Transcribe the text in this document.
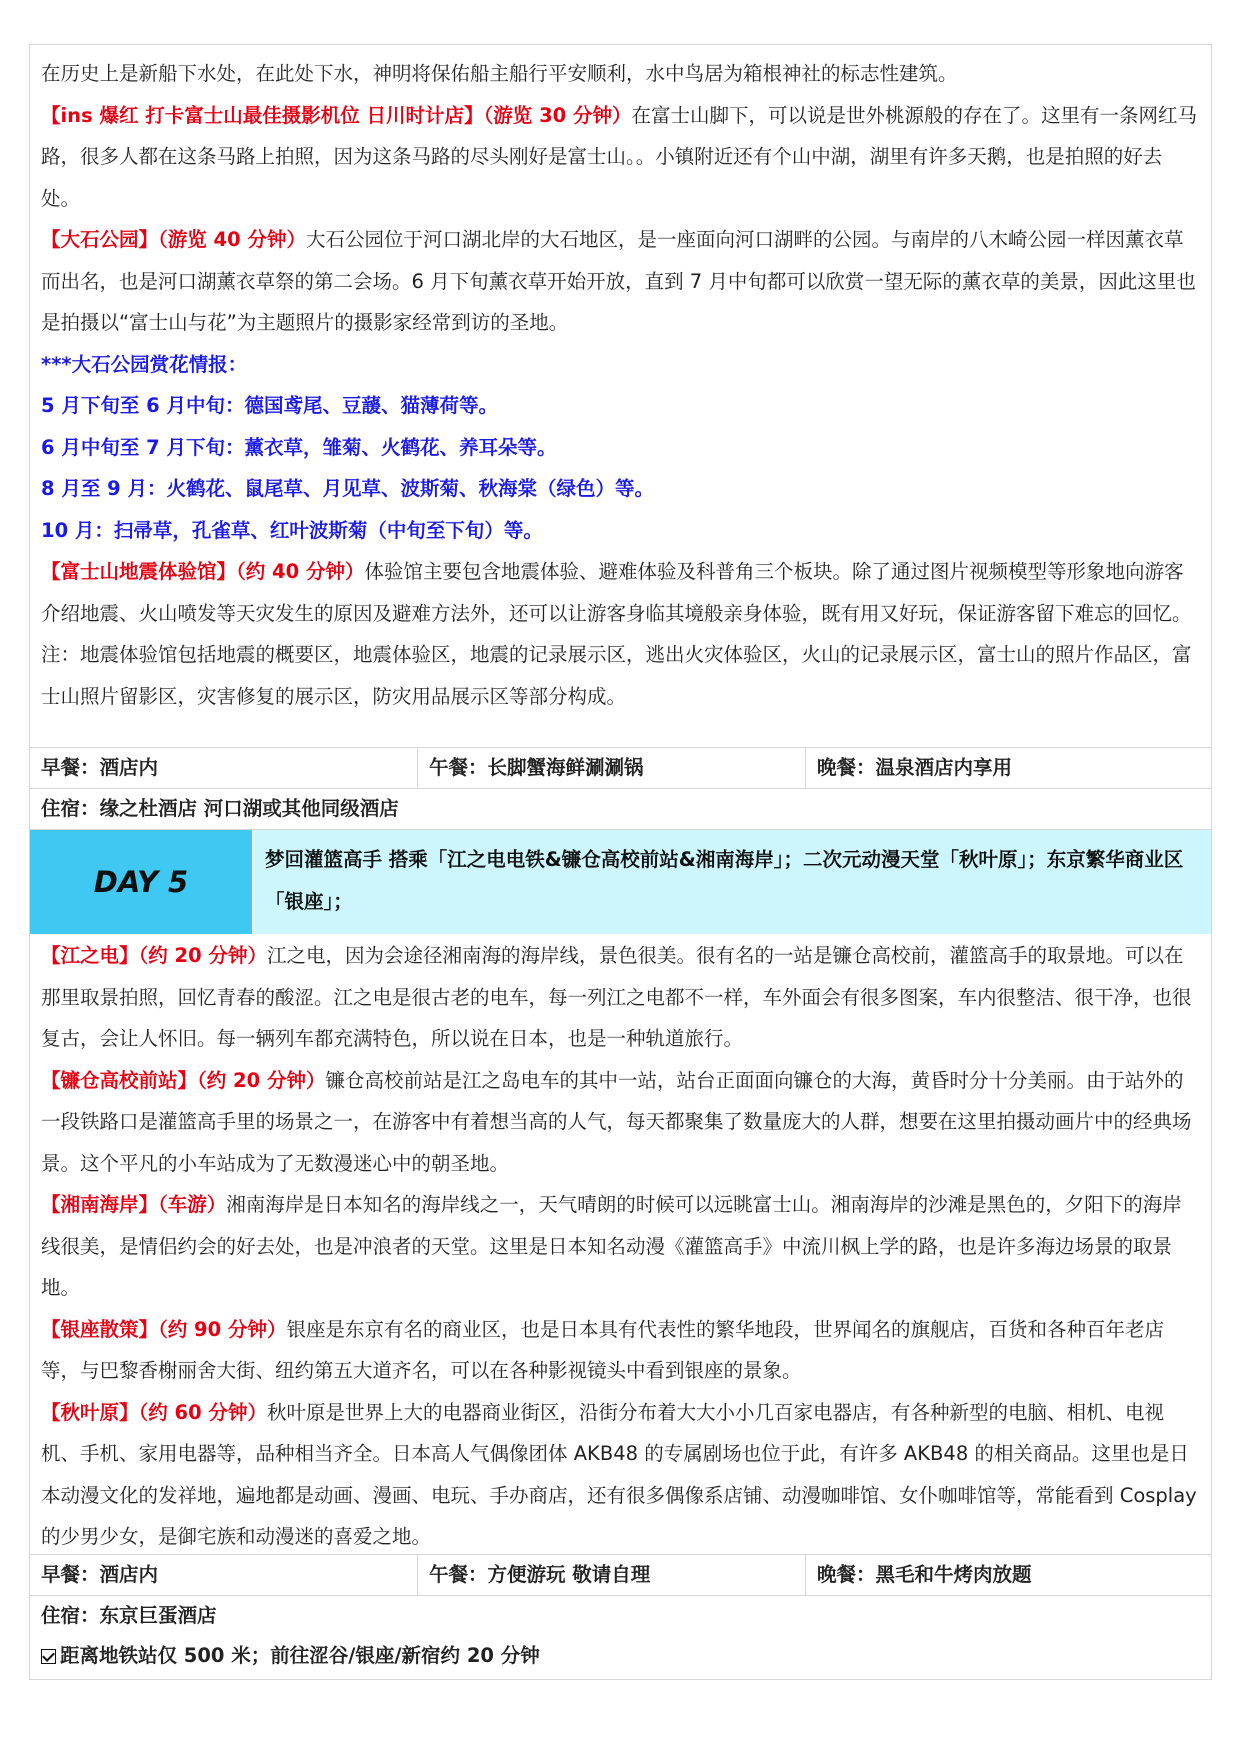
在历史上是新船下水处，在此处下水，神明将保佑船主船行平安顺利，水中鸟居为箱根神社的标志性建筑。

【ins 爆红 打卡富士山最佳摄影机位 日川时计店】（游览 30 分钟）在富士山脚下，可以说是世外桃源般的存在了。这里有一条网红马路，很多人都在这条马路上拍照，因为这条马路的尽头刚好是富士山。。小镇附近还有个山中湖，湖里有许多天鹅，也是拍照的好去处。

【大石公园】（游览 40 分钟）大石公园位于河口湖北岸的大石地区，是一座面向河口湖畔的公园。与南岸的八木崎公园一样因薰衣草而出名，也是河口湖薰衣草祭的第二会场。6 月下旬薰衣草开始开放，直到 7 月中旬都可以欣赏一望无际的薰衣草的美景，因此这里也是拍摄以“富士山与花”为主题照片的摄影家经常到访的圣地。

***大石公园赏花情报：

5 月下旬至 6 月中旬：德国鸢尾、豆蘐、猫薄荷等。

6 月中旬至 7 月下旬：薰衣草，雏菊、火鹤花、养耳朵等。

8 月至 9 月：火鹤花、鼠尾草、月见草、波斯菊、秋海棠（绿色）等。

10 月：扫帚草，孔雀草、红叶波斯菊（中旬至下旬）等。

【富士山地震体验馆】（约 40 分钟）体验馆主要包含地震体验、避难体验及科普角三个板块。除了通过图片视频模型等形象地向游客介绍地震、火山喷发等天灾发生的原因及避难方法外，还可以让游客身临其境般亲身体验，既有用又好玩，保证游客留下难忘的回忆。注：地震体验馆包括地震的概要区，地震体验区，地震的记录展示区，逃出火灾体验区，火山的记录展示区，富士山的照片作品区，富士山照片留影区，灾害修复的展示区，防灾用品展示区等部分构成。

早餐：酒店内	午餐：长脚蟹海鲜涮涮锅	晚餐：温泉酒店内享用
住宿：缘之杜酒店 河口湖或其他同级酒店
DAY 5
梦回灌篮高手 搭乘「江之电电铁&镰仓高校前站&湘南海岸」；二次元动漫天堂「秋叶原」；东京繁华商业区「银座」；

【江之电】（约 20 分钟）江之电，因为会途径湘南海的海岸线，景色很美。很有名的一站是镰仓高校前，灌篮高手的取景地。可以在那里取景拍照，回忆青春的酸涩。江之电是很古老的电车，每一列江之电都不一样，车外面会有很多图案，车内很整洁、很干净，也很复古，会让人怀旧。每一辆列车都充满特色，所以说在日本，也是一种轨道旅行。

【镰仓高校前站】（约 20 分钟）镰仓高校前站是江之岛电车的其中一站，站台正面面向镰仓的大海，黄昏时分十分美丽。由于站外的一段铁路口是灌篮高手里的场景之一，在游客中有着想当高的人气，每天都聚集了数量庞大的人群，想要在这里拍摄动画片中的经典场景。这个平凡的小车站成为了无数漫迷心中的朝圣地。

【湘南海岸】（车游）湘南海岸是日本知名的海岸线之一，天气晴朗的时候可以远眺富士山。湘南海岸的沙滩是黑色的，夕阳下的海岸线很美，是情侣约会的好去处，也是冲浪者的天堂。这里是日本知名动漫《灌篮高手》中流川枫上学的路，也是许多海边场景的取景地。

【银座散策】（约 90 分钟）银座是东京有名的商业区，也是日本具有代表性的繁华地段，世界闻名的旗舰店，百货和各种百年老店等，与巴黎香榭丽舍大街、纽约第五大道齐名，可以在各种影视镜头中看到银座的景象。

【秋叶原】（约 60 分钟）秋叶原是世界上大的电器商业街区，沿街分布着大大小小几百家电器店，有各种新型的电脑、相机、电视机、手机、家用电器等，品种相当齐全。日本高人气偶像团体 AKB48 的专属剧场也位于此，有许多 AKB48 的相关商品。这里也是日本动漫文化的发祥地，遍地都是动画、漫画、电玩、手办商店，还有很多偶像系店铺、动漫咖啡馆、女仆咖啡馆等，常能看到 Cosplay 的少男少女，是御宅族和动漫迷的喜爱之地。

早餐：酒店内	午餐：方便游玩 敬请自理	晚餐：黑毛和牛烤肉放题
住宿：东京巨蛋酒店
距离地铁站仅 500 米；前往涩谷/银座/新宿约 20 分钟
